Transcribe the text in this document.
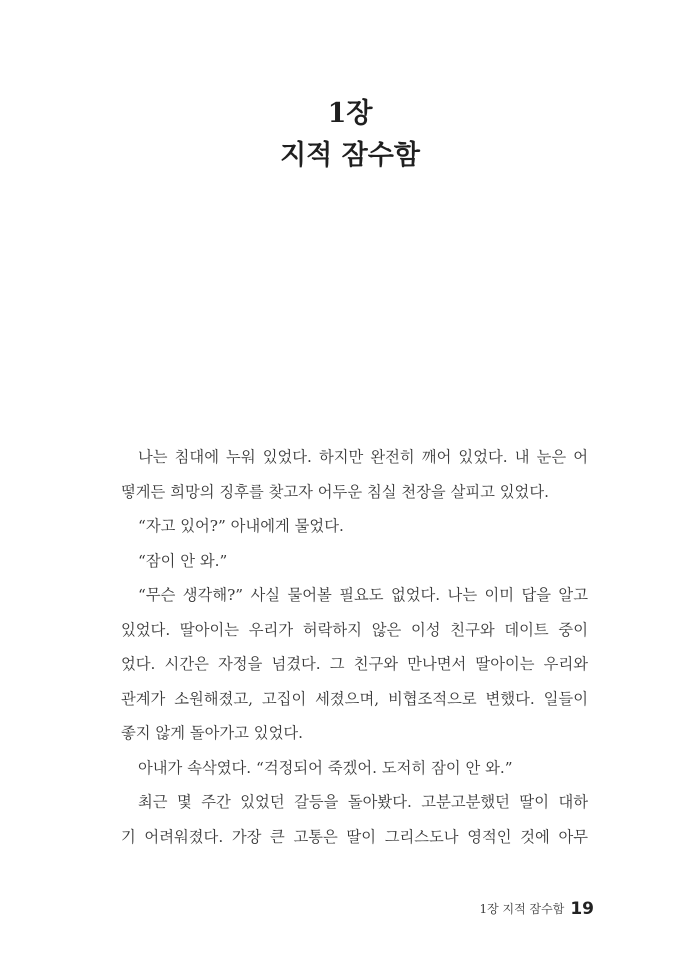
1장
지적 잠수함
나는 침대에 누워 있었다. 하지만 완전히 깨어 있었다. 내 눈은 어
떻게든 희망의 징후를 찾고자 어두운 침실 천장을 살피고 있었다.
“자고 있어?” 아내에게 물었다.
“잠이 안 와.”
“무슨 생각해?” 사실 물어볼 필요도 없었다. 나는 이미 답을 알고
있었다. 딸아이는 우리가 허락하지 않은 이성 친구와 데이트 중이
었다. 시간은 자정을 넘겼다. 그 친구와 만나면서 딸아이는 우리와
관계가 소원해졌고, 고집이 세졌으며, 비협조적으로 변했다. 일들이
좋지 않게 돌아가고 있었다.
아내가 속삭였다. “걱정되어 죽겠어. 도저히 잠이 안 와.”
최근 몇 주간 있었던 갈등을 돌아봤다. 고분고분했던 딸이 대하
기 어려워졌다. 가장 큰 고통은 딸이 그리스도나 영적인 것에 아무
1장 지적 잠수함 19
